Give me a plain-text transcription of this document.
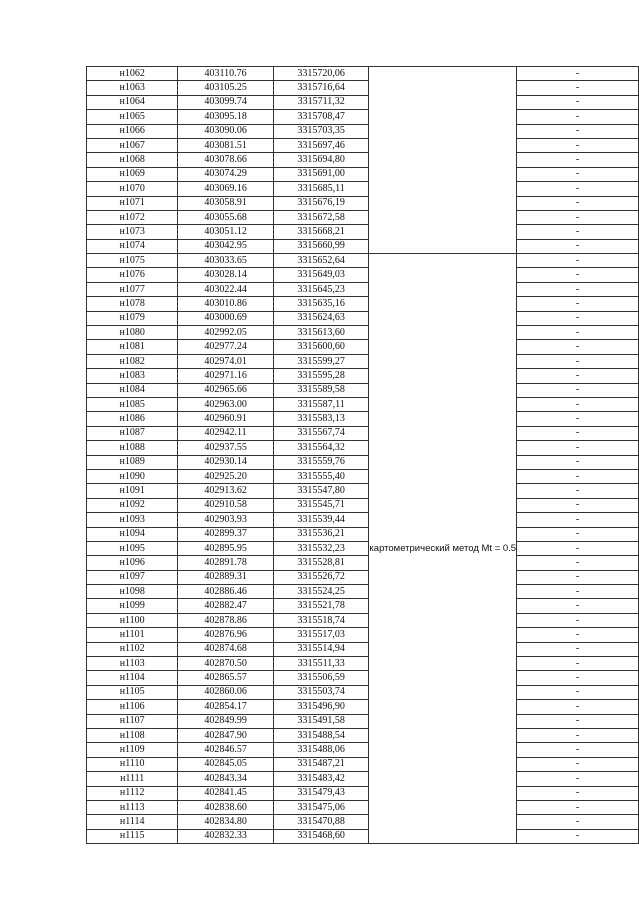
н1062	403110.76	3315720,06		-
н1063	403105.25	3315716,64		-
н1064	403099.74	3315711,32		-
н1065	403095.18	3315708,47		-
н1066	403090.06	3315703,35		-
н1067	403081.51	3315697,46		-
н1068	403078.66	3315694,80		-
н1069	403074.29	3315691,00		-
н1070	403069.16	3315685,11		-
н1071	403058.91	3315676,19		-
н1072	403055.68	3315672,58		-
н1073	403051.12	3315668,21		-
н1074	403042.95	3315660,99		-
н1075	403033.65	3315652,64	картометрический метод Mt = 0.5	-
н1076	403028.14	3315649,03		-
н1077	403022.44	3315645,23		-
н1078	403010.86	3315635,16		-
н1079	403000.69	3315624,63		-
н1080	402992.05	3315613,60		-
н1081	402977.24	3315600,60		-
н1082	402974.01	3315599,27		-
н1083	402971.16	3315595,28		-
н1084	402965.66	3315589,58		-
н1085	402963.00	3315587,11		-
н1086	402960.91	3315583,13		-
н1087	402942.11	3315567,74		-
н1088	402937.55	3315564,32		-
н1089	402930.14	3315559,76		-
н1090	402925.20	3315555,40		-
н1091	402913.62	3315547,80		-
н1092	402910.58	3315545,71		-
н1093	402903.93	3315539,44		-
н1094	402899.37	3315536,21		-
н1095	402895.95	3315532,23		-
н1096	402891.78	3315528,81		-
н1097	402889.31	3315526,72		-
н1098	402886.46	3315524,25		-
н1099	402882.47	3315521,78		-
н1100	402878.86	3315518,74		-
н1101	402876.96	3315517,03		-
н1102	402874.68	3315514,94		-
н1103	402870.50	3315511,33		-
н1104	402865.57	3315506,59		-
н1105	402860.06	3315503,74		-
н1106	402854.17	3315496,90		-
н1107	402849.99	3315491,58		-
н1108	402847.90	3315488,54		-
н1109	402846.57	3315488,06		-
н1110	402845.05	3315487,21		-
н1111	402843.34	3315483,42		-
н1112	402841.45	3315479,43		-
н1113	402838.60	3315475,06		-
н1114	402834.80	3315470,88		-
н1115	402832.33	3315468,60		-
